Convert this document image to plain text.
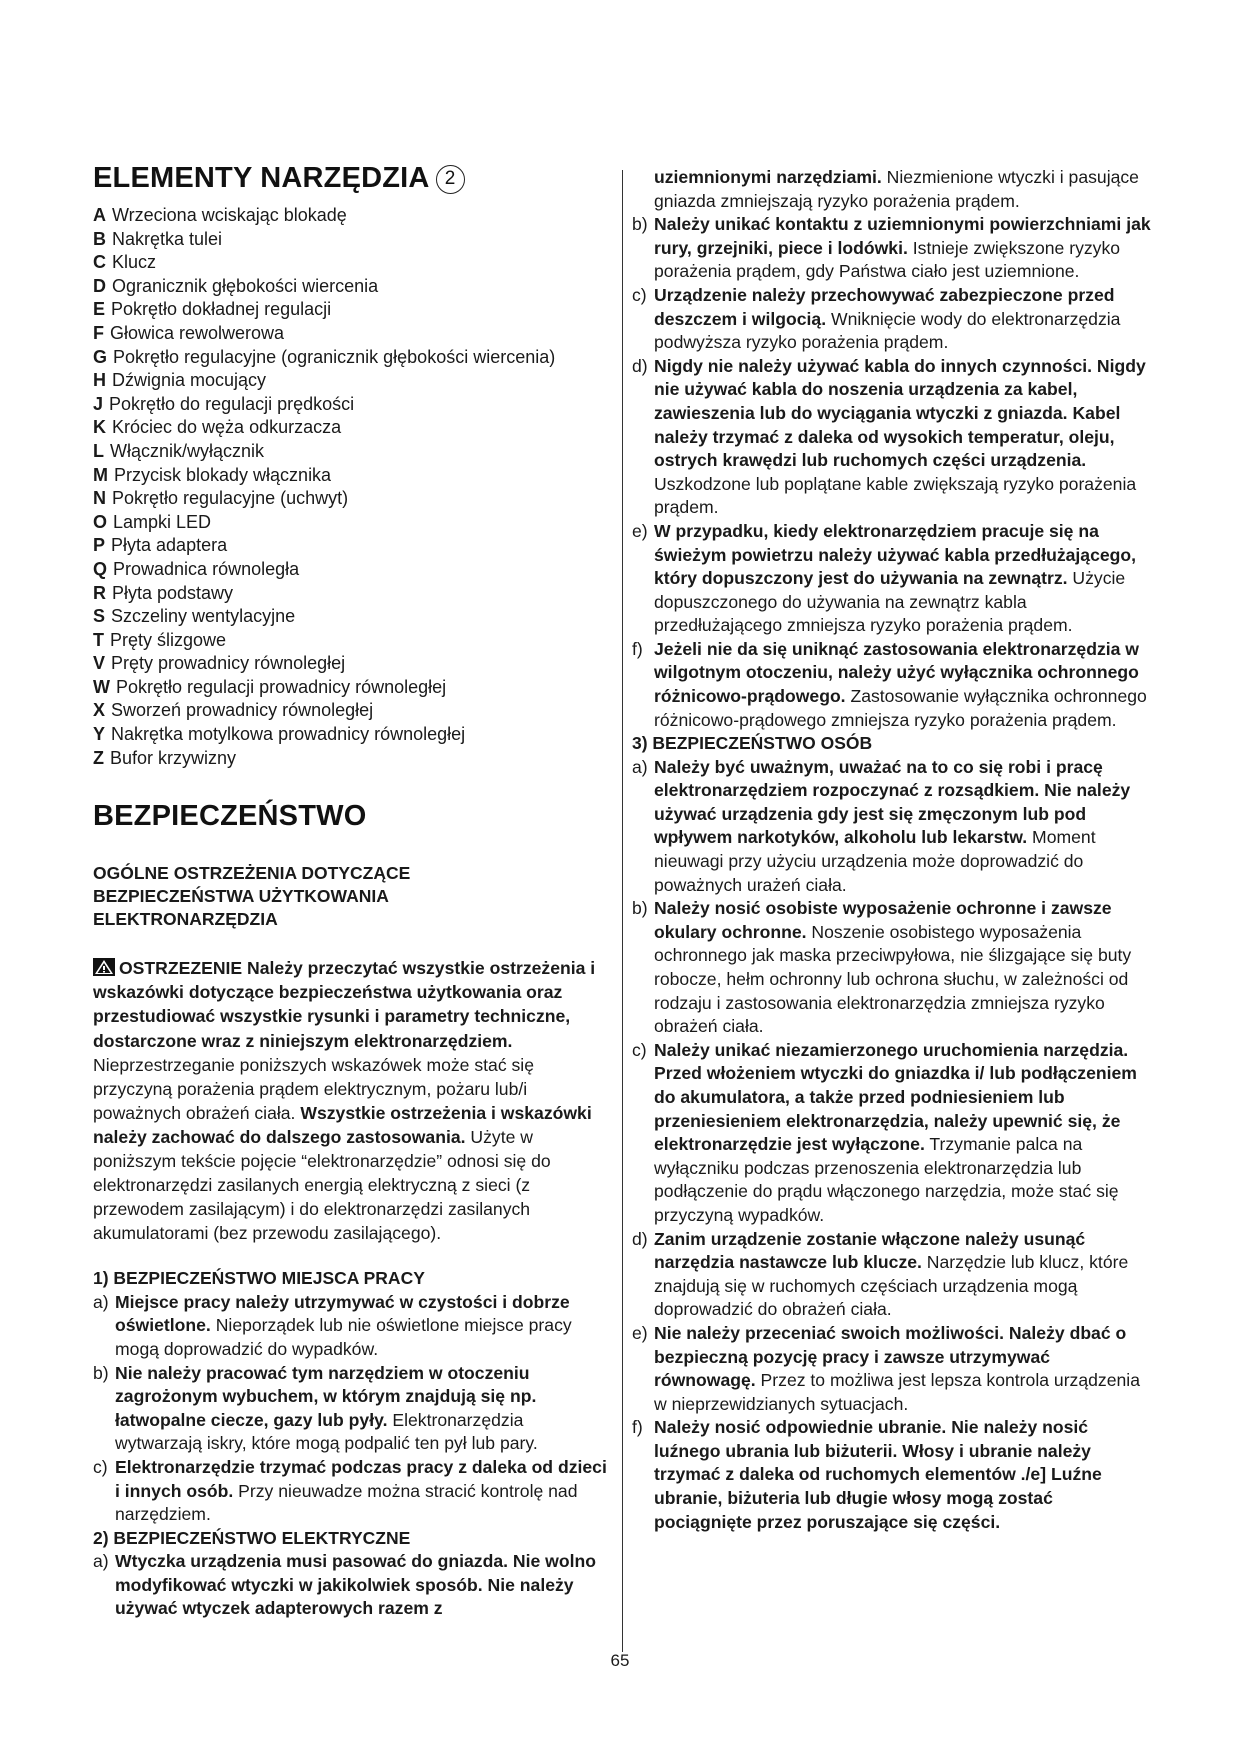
ELEMENTY NARZĘDZIA 2
A Wrzeciona wciskając blokadę
B Nakrętka tulei
C Klucz
D Ogranicznik głębokości wiercenia
E Pokrętło dokładnej regulacji
F Głowica rewolwerowa
G Pokrętło regulacyjne (ogranicznik głębokości wiercenia)
H Dźwignia mocujący
J Pokrętło do regulacji prędkości
K Króciec do węża odkurzacza
L Włącznik/wyłącznik
M Przycisk blokady włącznika
N Pokrętło regulacyjne (uchwyt)
O Lampki LED
P Płyta adaptera
Q Prowadnica równoległa
R Płyta podstawy
S Szczeliny wentylacyjne
T Pręty ślizgowe
V Pręty prowadnicy równoległej
W Pokrętło regulacji prowadnicy równoległej
X Sworzeń prowadnicy równoległej
Y Nakrętka motylkowa prowadnicy równoległej
Z Bufor krzywizny
BEZPIECZEŃSTWO
OGÓLNE OSTRZEŻENIA DOTYCZĄCE
BEZPIECZEŃSTWA UŻYTKOWANIA
ELEKTRONARZĘDZIA
OSTRZEZENIE Należy przeczytać wszystkie ostrzeżenia i wskazówki dotyczące bezpieczeństwa użytkowania oraz przestudiować wszystkie rysunki i parametry techniczne, dostarczone wraz z niniejszym elektronarzędziem. Nieprzestrzeganie poniższych wskazówek może stać się przyczyną porażenia prądem elektrycznym, pożaru lub/i poważnych obrażeń ciała. Wszystkie ostrzeżenia i wskazówki należy zachować do dalszego zastosowania. Użyte w poniższym tekście pojęcie “elektronarzędzie” odnosi się do elektronarzędzi zasilanych energią elektryczną z sieci (z przewodem zasilającym) i do elektronarzędzi zasilanych akumulatorami (bez przewodu zasilającego).
1) BEZPIECZEŃSTWO MIEJSCA PRACY
a) Miejsce pracy należy utrzymywać w czystości i dobrze oświetlone. Nieporządek lub nie oświetlone miejsce pracy mogą doprowadzić do wypadków.
b) Nie należy pracować tym narzędziem w otoczeniu zagrożonym wybuchem, w którym znajdują się np. łatwopalne ciecze, gazy lub pyły. Elektronarzędzia wytwarzają iskry, które mogą podpalić ten pył lub pary.
c) Elektronarzędzie trzymać podczas pracy z daleka od dzieci i innych osób. Przy nieuwadze można stracić kontrolę nad narzędziem.
2) BEZPIECZEŃSTWO ELEKTRYCZNE
a) Wtyczka urządzenia musi pasować do gniazda. Nie wolno modyfikować wtyczki w jakikolwiek sposób. Nie należy używać wtyczek adapterowych razem z
uziemnionymi narzędziami. Niezmienione wtyczki i pasujące gniazda zmniejszają ryzyko porażenia prądem.
b) Należy unikać kontaktu z uziemnionymi powierzchniami jak rury, grzejniki, piece i lodówki. Istnieje zwiększone ryzyko porażenia prądem, gdy Państwa ciało jest uziemnione.
c) Urządzenie należy przechowywać zabezpieczone przed deszczem i wilgocią. Wniknięcie wody do elektronarzędzia podwyższa ryzyko porażenia prądem.
d) Nigdy nie należy używać kabla do innych czynności. Nigdy nie używać kabla do noszenia urządzenia za kabel, zawieszenia lub do wyciągania wtyczki z gniazda. Kabel należy trzymać z daleka od wysokich temperatur, oleju, ostrych krawędzi lub ruchomych części urządzenia. Uszkodzone lub poplątane kable zwiększają ryzyko porażenia prądem.
e) W przypadku, kiedy elektronarzędziem pracuje się na świeżym powietrzu należy używać kabla przedłużającego, który dopuszczony jest do używania na zewnątrz. Użycie dopuszczonego do używania na zewnątrz kabla przedłużającego zmniejsza ryzyko porażenia prądem.
f) Jeżeli nie da się uniknąć zastosowania elektronarzędzia w wilgotnym otoczeniu, należy użyć wyłącznika ochronnego różnicowo-prądowego. Zastosowanie wyłącznika ochronnego różnicowo-prądowego zmniejsza ryzyko porażenia prądem.
3) BEZPIECZEŃSTWO OSÓB
a) Należy być uważnym, uważać na to co się robi i pracę elektronarzędziem rozpoczynać z rozsądkiem. Nie należy używać urządzenia gdy jest się zmęczonym lub pod wpływem narkotyków, alkoholu lub lekarstw. Moment nieuwagi przy użyciu urządzenia może doprowadzić do poważnych urażeń ciała.
b) Należy nosić osobiste wyposażenie ochronne i zawsze okulary ochronne. Noszenie osobistego wyposażenia ochronnego jak maska przeciwpyłowa, nie ślizgające się buty robocze, hełm ochronny lub ochrona słuchu, w zależności od rodzaju i zastosowania elektronarzędzia zmniejsza ryzyko obrażeń ciała.
c) Należy unikać niezamierzonego uruchomienia narzędzia. Przed włożeniem wtyczki do gniazdka i/ lub podłączeniem do akumulatora, a także przed podniesieniem lub przeniesieniem elektronarzędzia, należy upewnić się, że elektronarzędzie jest wyłączone. Trzymanie palca na wyłączniku podczas przenoszenia elektronarzędzia lub podłączenie do prądu włączonego narzędzia, może stać się przyczyną wypadków.
d) Zanim urządzenie zostanie włączone należy usunąć narzędzia nastawcze lub klucze. Narzędzie lub klucz, które znajdują się w ruchomych częściach urządzenia mogą doprowadzić do obrażeń ciała.
e) Nie należy przeceniać swoich możliwości. Należy dbać o bezpieczną pozycję pracy i zawsze utrzymywać równowagę. Przez to możliwa jest lepsza kontrola urządzenia w nieprzewidzianych sytuacjach.
f) Należy nosić odpowiednie ubranie. Nie należy nosić luźnego ubrania lub biżuterii. Włosy i ubranie należy trzymać z daleka od ruchomych elementów ./e] Luźne ubranie, biżuteria lub długie włosy mogą zostać pociągnięte przez poruszające się części.
65
